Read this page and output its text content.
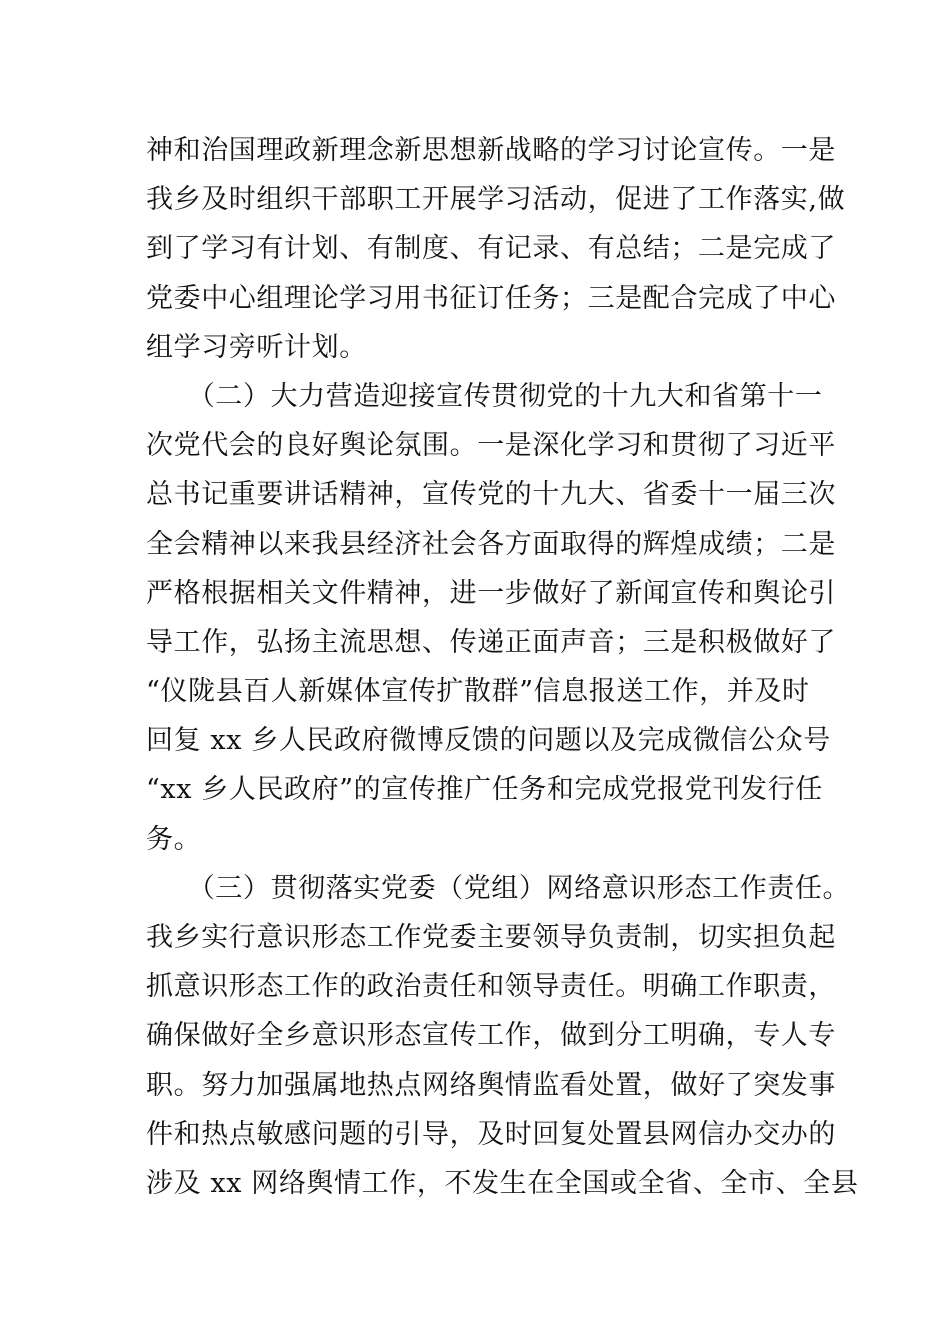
神和治国理政新理念新思想新战略的学习讨论宣传。一是
我乡及时组织干部职工开展学习活动，促进了工作落实,做
到了学习有计划、有制度、有记录、有总结；二是完成了
党委中心组理论学习用书征订任务；三是配合完成了中心
组学习旁听计划。
　　（二）大力营造迎接宣传贯彻党的十九大和省第十一
次党代会的良好舆论氛围。一是深化学习和贯彻了习近平
总书记重要讲话精神，宣传党的十九大、省委十一届三次
全会精神以来我县经济社会各方面取得的辉煌成绩；二是
严格根据相关文件精神，进一步做好了新闻宣传和舆论引
导工作，弘扬主流思想、传递正面声音；三是积极做好了
“仪陇县百人新媒体宣传扩散群”信息报送工作，并及时
回复 xx 乡人民政府微博反馈的问题以及完成微信公众号
“xx 乡人民政府”的宣传推广任务和完成党报党刊发行任
务。
　　（三）贯彻落实党委（党组）网络意识形态工作责任。
我乡实行意识形态工作党委主要领导负责制，切实担负起
抓意识形态工作的政治责任和领导责任。明确工作职责，
确保做好全乡意识形态宣传工作，做到分工明确，专人专
职。努力加强属地热点网络舆情监看处置，做好了突发事
件和热点敏感问题的引导，及时回复处置县网信办交办的
涉及 xx 网络舆情工作，不发生在全国或全省、全市、全县
